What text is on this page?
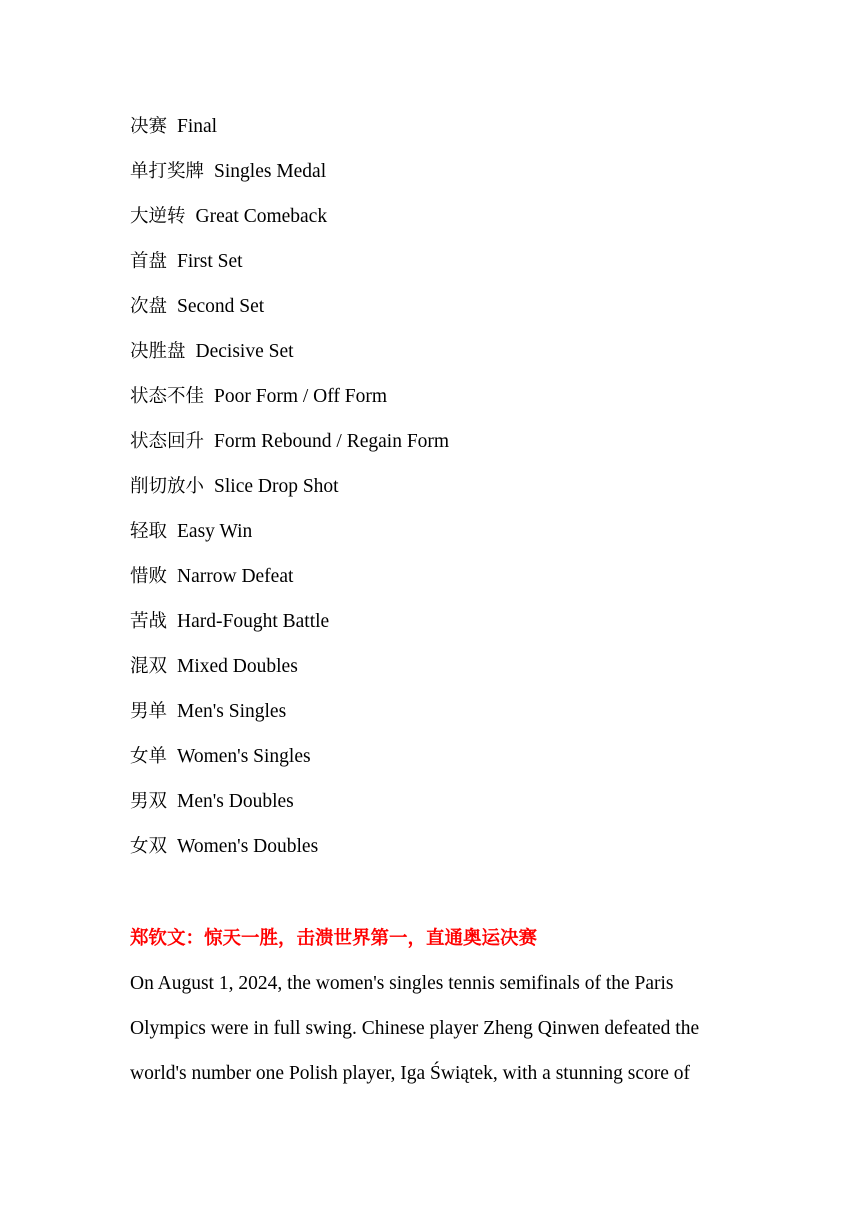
决赛 Final
单打奖牌 Singles Medal
大逆转 Great Comeback
首盘 First Set
次盘 Second Set
决胜盘 Decisive Set
状态不佳 Poor Form / Off Form
状态回升 Form Rebound / Regain Form
削切放小 Slice Drop Shot
轻取 Easy Win
惜败 Narrow Defeat
苦战 Hard-Fought Battle
混双 Mixed Doubles
男单 Men's Singles
女单 Women's Singles
男双 Men's Doubles
女双 Women's Doubles
郑钦文：惊天一胜，击溃世界第一，直通奥运决赛

On August 1, 2024, the women's singles tennis semifinals of the Paris
Olympics were in full swing. Chinese player Zheng Qinwen defeated the
world's number one Polish player, Iga Świątek, with a stunning score of
